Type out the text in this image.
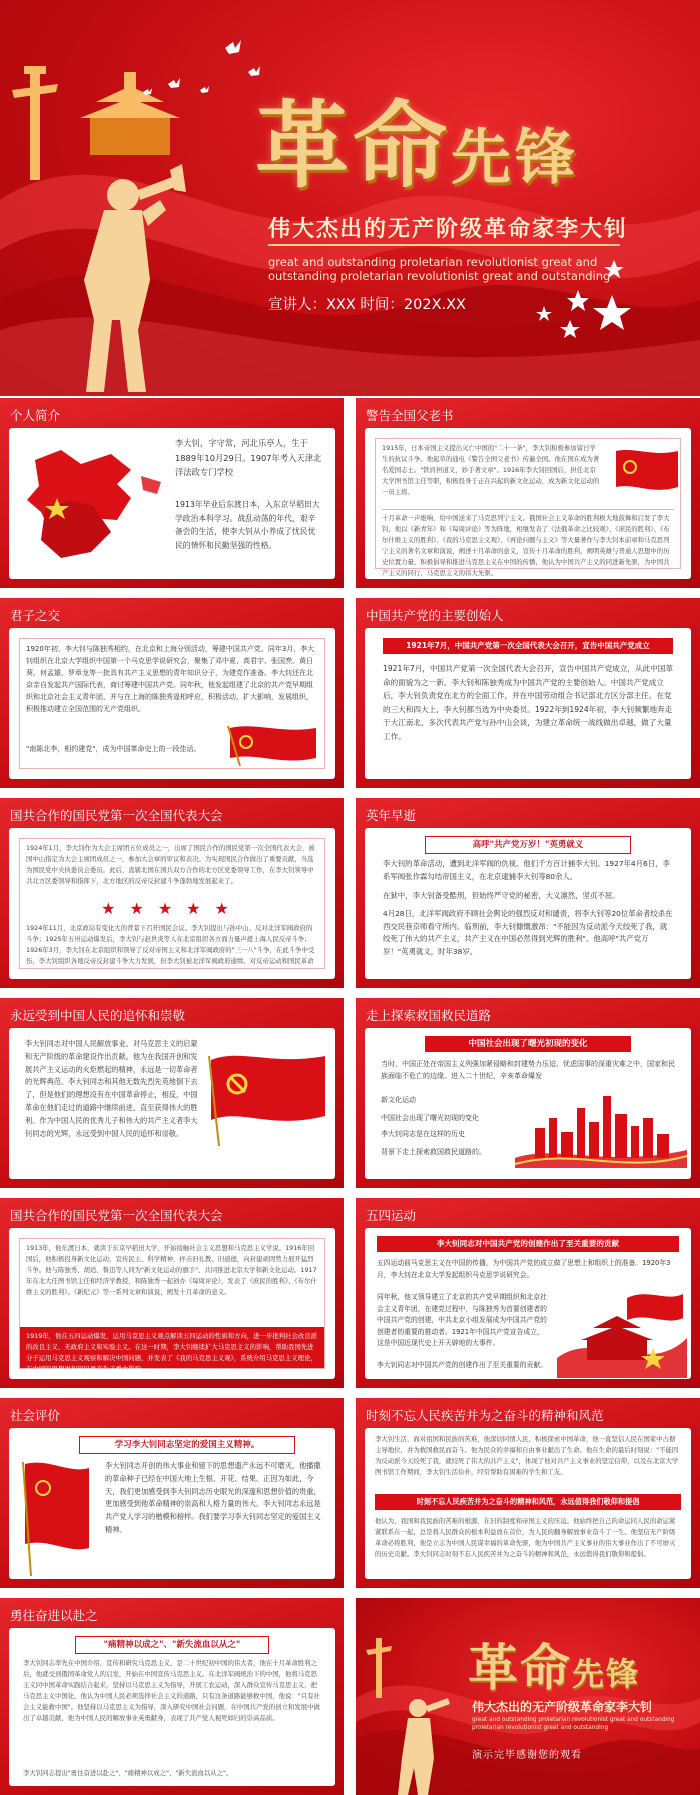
革命先锋
伟大杰出的无产阶级革命家李大钊
great and outstanding proletarian revolutionist great and outstanding proletarian revolutionist great and outstanding
宣讲人：XXX 时间：202X.XX
个人简介
李大钊，字守常，河北乐亭人，生于1889年10月29日。1907年考入天津北洋法政专门学校
1913年毕业后东渡日本，入东京早稻田大学政治本科学习。战乱动荡的年代，艰辛备尝的生活，使李大钊从小养成了忧民忧民的情怀和民勤坚强的性格。
警告全国父老书
1915年，日本帝国主义提出灭亡中国的"二十一条"，李大钊积极参加留日学生的抗议斗争。他起草的通电《警告全国父老书》传遍全国。他在国在成为著名爱国志士。"铁肩担道义，妙手著文章"。1916年李大钊回国后，担任北京大学图书馆主任等职，积极投身于正在兴起的新文化运动，成为新文化运动的一员主将。
十月革命一声炮响，给中国送来了马克思列宁主义。俄国社会主义革命的胜利极大地鼓舞和启发了李大钊，他以《新青年》和《每周评论》等为阵地，相继发表了《法俄革命之比较观》、《庶民的胜利》、《布尔什维主义的胜利》、《我的马克思主义观》、《再论问题与主义》等大量著作与李大钊本前章和马克思列宁主义的著名文章和演说，阐述十月革命的意义，宣传十月革命的胜利，阐明英雄与普通人思想中的历史位置力量，积极倡导和推进马克思主义在中国的传播，他认为中国共产主义的同进新先驱，为中国共产主义的同行，马克思主义的伟大先驱。
君子之交
1920年初，李大钊与陈独秀相约，在北京和上海分别活动，筹建中国共产党。同年3月，李大钊组织在北京大学组织中国第一个马克思学说研究会，聚集了邓中夏、高君宇、张国焘、黄日葵、何孟雄、罗章龙等一批具有共产主义思想的青年知识分子，为建党作准备。李大钊还在北京亲自发起共产国际代表，商讨筹建中国共产党。同年秋，他发起组建了北京的共产党早期组织和北京社会主义青年团，并与在上海的陈独秀遥相呼应，积极活动，扩大影响，发展组织，积极推动建立全国范围的无产党组织。
"南陈北李，相约建党"，成为中国革命史上的一段佳话。
中国共产党的主要创始人
1921年7月，中国共产党第一次全国代表大会召开，宣告中国共产党成立
1921年7月，中国共产党第一次全国代表大会召开，宣告中国共产党成立，从此中国革命的面貌为之一新。李大钊和陈独秀成为中国共产党的主要创始人。中国共产党成立后，李大钊负责党在北方的全面工作，并在中国劳动组合书记部北方区分部主任。在党的三大和四大上，李大钊都当选为中央委员。1922年到1924年初，李大钊频繁地奔走于大江南北，多次代表共产党与孙中山会谈，为建立革命统一战线做出卓越，做了大量工作。
国共合作的国民党第一次全国代表大会
1924年1月，李大钊作为大会主席团五位成员之一，出席了国民合作的国民党第一次全国代表大会，被国中山指定为大会主席团成员之一，参加大会章的审议和表决。为实现国民合作做出了重要贡献，当选为国民党中央执委员会委员。此后，直辖北国在国共双方合作的北方区党委领导工作，在李大钊领导中共北方区委领导和指挥下，北方地区的反帝反封建斗争蓬勃地发展起来了。
★★★★★
1924年11月，北京政局有变化大的背景下召开国民会议。李大钊提出与孙中山、反对北洋军阀政府的斗争；1925年五卅运动爆发后，李大钊与赵世炎等人在北京组织各方面力量声援上海人民反帝斗争；1926年3月，李大钊在北京组织和领导了反对帝国主义和北洋军阀政府的"三一八"斗争，在此斗争中受伤，李大钊组织各地反帝反封建斗争大力发展，但李大钊被北洋军阀政府通缉，对反帝运动和国民革命
英年早逝
高呼"共产党万岁！"英勇就义
李大钊的革命活动，遭到北洋军阀的仇视。他们千方百计捕李大钊。1927年4月6日，李系军阀张作霖勾结帝国主义，在北京逮捕李大钊等80余人。
在狱中，李大钊备受酷刑，但始终严守党的秘密，大义凛然，坚贞不屈。
4月28日，北洋军阀政府不顾社会舆论的强烈反对和谴责，将李大钊等20位革命者绞杀在西交民巷京师看守所内。临刑前，李大钊慷慨激昂："不能因为反动派今天绞死了我，就绞死了伟大的共产主义，共产主义在中国必然得到光辉的胜利"。他高呼"共产党万岁！"英勇就义，时年38岁。
永远受到中国人民的追怀和崇敬
李大钊同志对中国人民解放事业、对马克思主义的启蒙和无产阶级的革命建设作出贡献。他为在我国开创和发展共产主义运动的火炬燃起的精神，永远是一切革命者的光辉典范。李大钊同志和其他无数先烈先英地倒下去了，但是他们的理想没有在中国革命停止，相反，中国革命在他们走过的道路中继续前进，直至获得伟大的胜利。作为中国人民的优秀儿子和伟大的共产主义者李大钊同志的光辉，永远受到中国人民的追怀和崇敬。
走上探索救国救民道路
中国社会出现了曙光初现的变化
当时，中国正处在帝国主义列强加紧侵略和封建势力压迫、忧虑国事的深重灾难之中，国家和民族面临不危亡的边缘。进入二十世纪，辛亥革命爆发
新文化运动
中国社会出现了曙光初现的变化
李大钊同志是在这样的历史
背景下走上探索救国救民道路的。
国共合作的国民党第一次全国代表大会
1913年，他东渡日本，就读于东京早稻田大学，开始接触社会主义思想和马克思主义学说。1916年回国后，他积极投身新文化运动，宣传民主、科学精神，抨击旧礼教、旧道德，向封建顽固势力展开猛烈斗争。他与陈独秀、胡适、鲁迅等人同为"新文化运动的旗手"，共同推进北京大学和新文化运动。1917年在北大任图书馆主任和经济学教授，和陈独秀一起创办《每周评论》，发表了《庶民的胜利》、《布尔什维主义的胜利》、《新纪元》等一系列文章和演说，阐发十月革命的意义。
1919年，他在五四运动爆发，运用马克思主义观点解读五四运动的性质和方向，进一步批判社会改良派的改良主义、无政府主义和实验主义。在这一时期，李大钊继续扩大马克思主义的影响，帮助我国先进分子运用马克思主义观察和解决中国问题，并发表了《我的马克思主义观》，系统介绍马克思主义理论，在中国的思想界和知识界产生了重大影响。
五四运动
李大钊同志对中国共产党的创建作出了至关重要的贡献
五四运动前马克思主义在中国的传播，为中国共产党的成立做了思想上和组织上的准备。1920年3月，李大钊在北京大学发起组织马克思学说研究会。
同年秋，他又领导建立了北京的共产党早期组织和北京社会主义青年团，在建党过程中，与陈独秀为首要创建者的中国共产党的创建，中共北京小组发展成为中国共产党的创建者的重要的推动者。1921年中国共产党宣告成立，这是中国近现代史上开天辟地的大事件。
李大钊同志对中国共产党的创建作出了至关重要的贡献。
社会评价
学习李大钊同志坚定的爱国主义精神。
李大钊同志开创的伟大事业和留下的思想遗产永远不可磨灭，他播撒的革命种子已经在中国大地上生根、开花、结果。正因为如此，今天，我们更加感受到李大钊同志历史眼光的深邃和思想价值的贵重，更加感受到他革命精神的崇高和人格力量的伟大。李大钊同志永远是共产党人学习的楷模和榜样。我们要学习李大钊同志坚定的爱国主义精神。
时刻不忘人民疾苦并为之奋斗的精神和风范
李大钊生活，面对祖国和民族的苦难，他深切同情人民，积极探索中国革命，他一直坚信人民在国家中占据主导地位，并为救国救民而奋斗。他为民众的幸福和自由事业献出了生命。他在生命的最后时刻说："不能因为反动派今天绞死了我，就绞死了伟大的共产主义"，体现了他对共产主义事业的坚定信仰，以及在北京大学图书馆工作期间，李大钊生活俭朴，经常帮助有困难的学生和工友。
时刻不忘人民疾苦并为之奋斗的精神和风范，永远值得我们敬仰和提倡
他认为，我国和我民族的苦难的根源，在旧的制度和帝国主义的压迫。他始终把自己的命运同人民的命运紧紧联系在一起，总是将人民群众的根本利益放在首位，为人民的翻身解放事业奋斗了一生。他坚信无产阶级革命必将胜利，他是立志为中国人民谋幸福的革命先驱，他为中国共产主义事业的伟大事业作出了不可磨灭的历史贡献。李大钊同志时刻不忘人民疾苦并为之奋斗的精神和风范，永远值得我们敬仰和提倡。
勇往奋进以赴之
"痛精神以成之"、"新失流血以从之"
李大钊同志率先在中国介绍、宣传和研究马克思主义，是二十世纪初中国的伟大者，他在十月革命胜利之后，他就受到俄国革命党人的启发，开始在中国宣传马克思主义。在北洋军阀统治下的中国，他将马克思主义同中国革命实践结合起来，坚持以马克思主义为指导，开展工农运动，深入群众宣传马克思主义，把马克思主义中国化，他认为中国人民必须选择社会主义的道路，只有这条道路能够救中国，他说："只有社会主义能救中国"。他坚持以马克思主义为指导，深入研究中国社会问题，在中国共产党的创立和发展中做出了卓越贡献，他为中国人民的解放事业英勇献身，表现了共产党人视死如归的崇高品质。
李大钊同志提出"勇往奋进以赴之"、"痛精神以成之"、"新失流血以从之"。
革命先锋
伟大杰出的无产阶级革命家李大钊
great and outstanding proletarian revolutionist great and outstanding proletarian revolutionist great and outstanding
演示完毕感谢您的观看
